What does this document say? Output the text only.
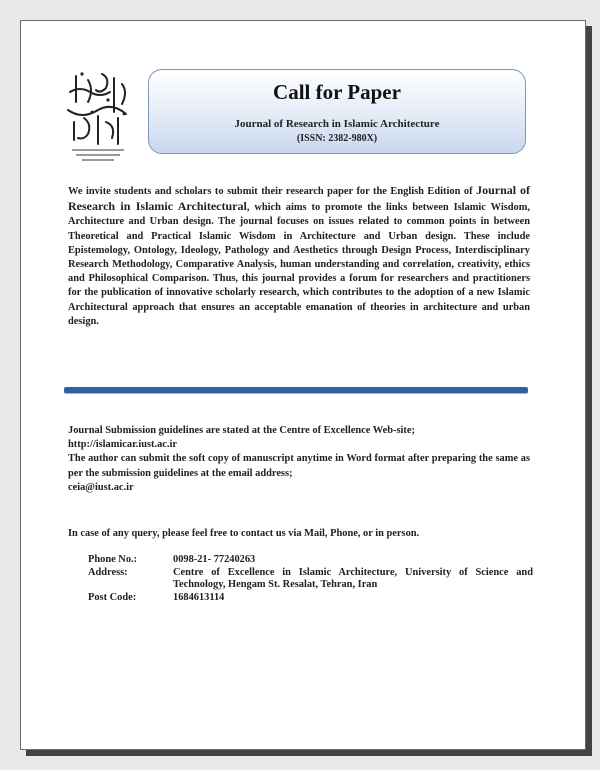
Call for Paper
Journal of Research in Islamic Architecture
(ISSN: 2382-980X)
We invite students and scholars to submit their research paper for the English Edition of Journal of Research in Islamic Architectural, which aims to promote the links between Islamic Wisdom, Architecture and Urban design. The journal focuses on issues related to common points in between Theoretical and Practical Islamic Wisdom in Architecture and Urban design. These include Epistemology, Ontology, Ideology, Pathology and Aesthetics through Design Process, Interdisciplinary Research Methodology, Comparative Analysis, human understanding and correlation, creativity, ethics and Philosophical Comparison. Thus, this journal provides a forum for researchers and practitioners for the publication of innovative scholarly research, which contributes to the adoption of a new Islamic Architectural approach that ensures an acceptable emanation of theories in architecture and urban design.

Journal Submission guidelines are stated at the Centre of Excellence Web-site;

http://islamicar.iust.ac.ir

The author can submit the soft copy of manuscript anytime in Word format after preparing the same as per the submission guidelines at the email address;

ceia@iust.ac.ir

In case of any query, please feel free to contact us via Mail, Phone, or in person.
Phone No.:	0098-21- 77240263
Address:	Centre of Excellence in Islamic Architecture, University of Science and Technology, Hengam St. Resalat, Tehran, Iran
Post Code:	1684613114
